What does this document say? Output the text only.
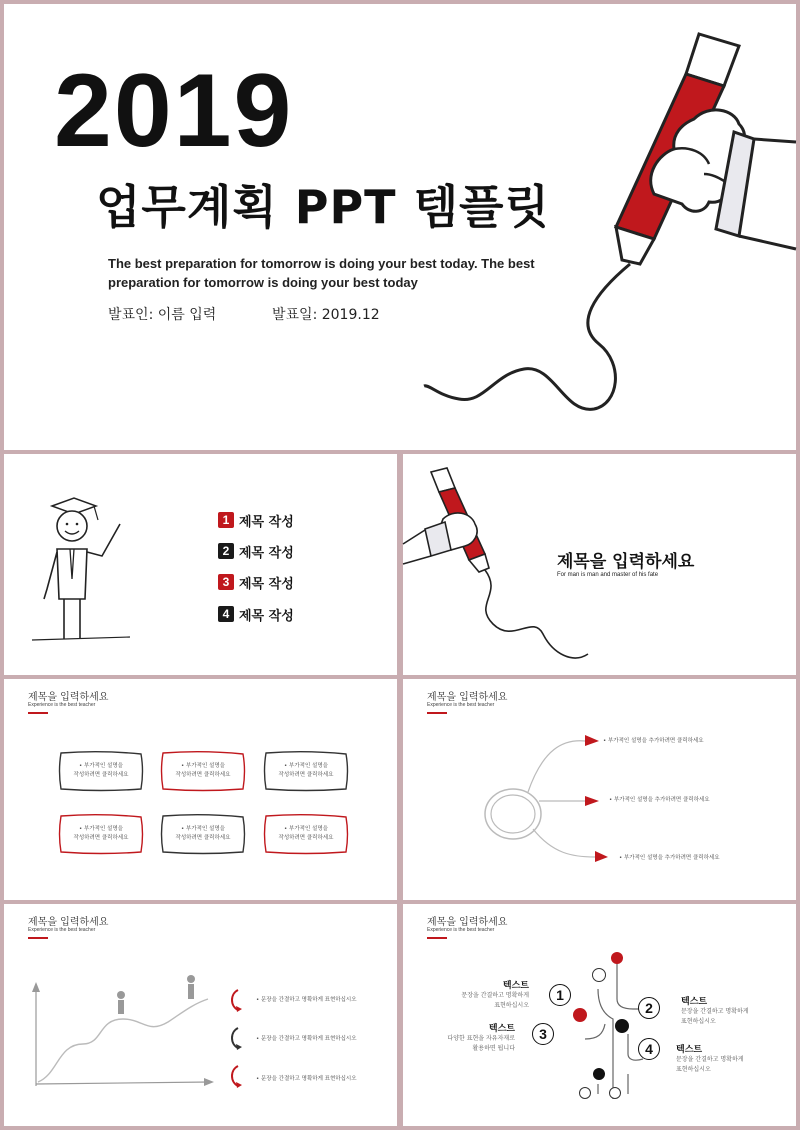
2019
업무계획 PPT 템플릿
The best preparation for tomorrow is doing your best today. The best preparation for tomorrow is doing your best today
발표인: 이름 입력	발표일: 2019.12
1 제목 작성
2 제목 작성
3 제목 작성
4 제목 작성
제목을 입력하세요
For man is man and master of his fate
제목을 입력하세요
Experience is the best teacher
• 부가적인 설명을
작성하려면 클릭하세요
• 부가적인 설명을
작성하려면 클릭하세요
• 부가적인 설명을
작성하려면 클릭하세요
• 부가적인 설명을
작성하려면 클릭하세요
• 부가적인 설명을
작성하려면 클릭하세요
• 부가적인 설명을
작성하려면 클릭하세요
제목을 입력하세요
Experience is the best teacher
• 부가적인 설명을 추가하려면 클릭하세요
• 부가적인 설명을 추가하려면 클릭하세요
• 부가적인 설명을 추가하려면 클릭하세요
제목을 입력하세요
Experience is the best teacher
• 문장을 간결하고 명확하게 표현하십시오
• 문장을 간결하고 명확하게 표현하십시오
• 문장을 간결하고 명확하게 표현하십시오
제목을 입력하세요
Experience is the best teacher
1
2
3
4
텍스트
문장을 간결하고 명확하게
표현하십시오	텍스트
문장을 간결하고 명확하게
표현하십시오
텍스트
다양한 표현을 자유자재로
활용하면 됩니다	텍스트
문장을 간결하고 명확하게
표현하십시오
